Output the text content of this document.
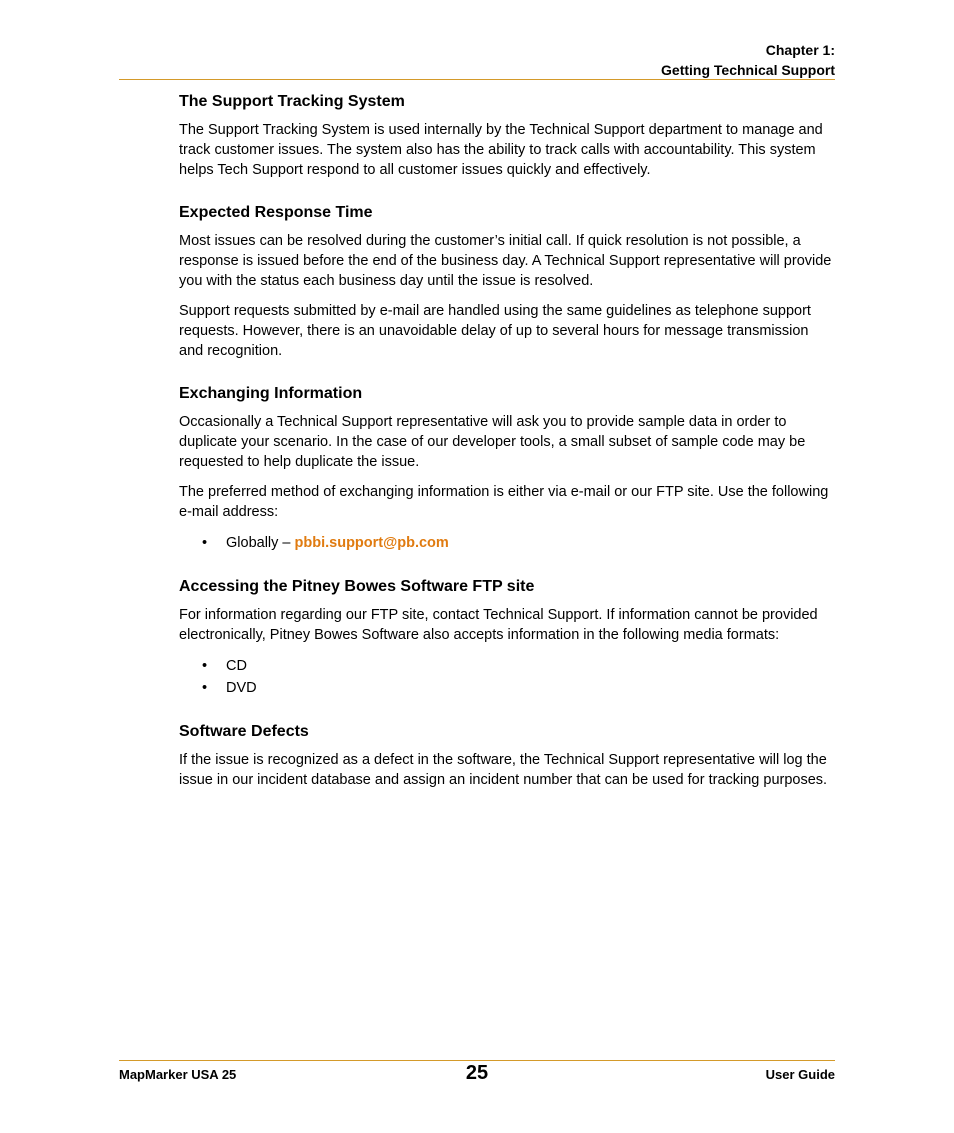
Chapter 1:
Getting Technical Support
The Support Tracking System

The Support Tracking System is used internally by the Technical Support department to manage and track customer issues. The system also has the ability to track calls with accountability. This system helps Tech Support respond to all customer issues quickly and effectively.

Expected Response Time

Most issues can be resolved during the customer’s initial call. If quick resolution is not possible, a response is issued before the end of the business day. A Technical Support representative will provide you with the status each business day until the issue is resolved.

Support requests submitted by e-mail are handled using the same guidelines as telephone support requests. However, there is an unavoidable delay of up to several hours for message transmission and recognition.

Exchanging Information

Occasionally a Technical Support representative will ask you to provide sample data in order to duplicate your scenario. In the case of our developer tools, a small subset of sample code may be requested to help duplicate the issue.

The preferred method of exchanging information is either via e-mail or our FTP site. Use the following e-mail address:

• Globally – pbbi.support@pb.com
Accessing the Pitney Bowes Software FTP site

For information regarding our FTP site, contact Technical Support. If information cannot be provided electronically, Pitney Bowes Software also accepts information in the following media formats:

• CD
• DVD
Software Defects

If the issue is recognized as a defect in the software, the Technical Support representative will log the issue in our incident database and assign an incident number that can be used for tracking purposes.

MapMarker USA 25	25	User Guide
